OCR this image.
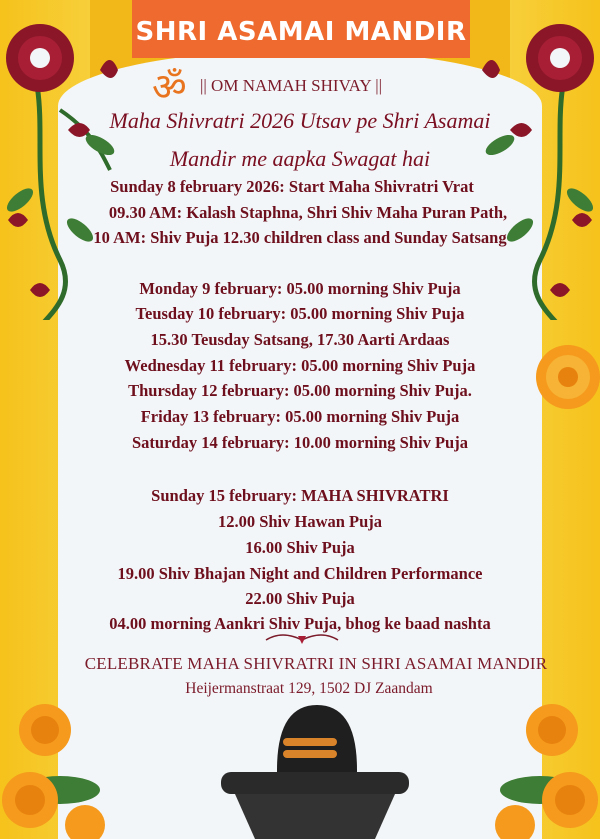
SHRI ASAMAI MANDIR
ॐ || OM NAMAH SHIVAY ||
Maha Shivratri 2026 Utsav pe Shri Asamai
Mandir me aapka Swagat hai
Sunday 8 february 2026: Start Maha Shivratri Vrat
09.30 AM: Kalash Staphna, Shri Shiv Maha Puran Path,
10 AM: Shiv Puja 12.30 children class and Sunday Satsang
Monday 9 february: 05.00 morning Shiv Puja
Teusday 10 february: 05.00 morning Shiv Puja
15.30 Teusday Satsang, 17.30 Aarti Ardaas
Wednesday 11 february: 05.00 morning Shiv Puja
Thursday 12 february: 05.00 morning Shiv Puja.
Friday 13 february: 05.00 morning Shiv Puja
Saturday 14 february: 10.00 morning Shiv Puja
Sunday 15 february: MAHA SHIVRATRI
12.00 Shiv Hawan Puja
16.00 Shiv Puja
19.00 Shiv Bhajan Night and Children Performance
22.00 Shiv Puja
04.00 morning Aankri Shiv Puja, bhog ke baad nashta
CELEBRATE MAHA SHIVRATRI IN SHRI ASAMAI MANDIR
Heijermanstraat 129, 1502 DJ Zaandam
